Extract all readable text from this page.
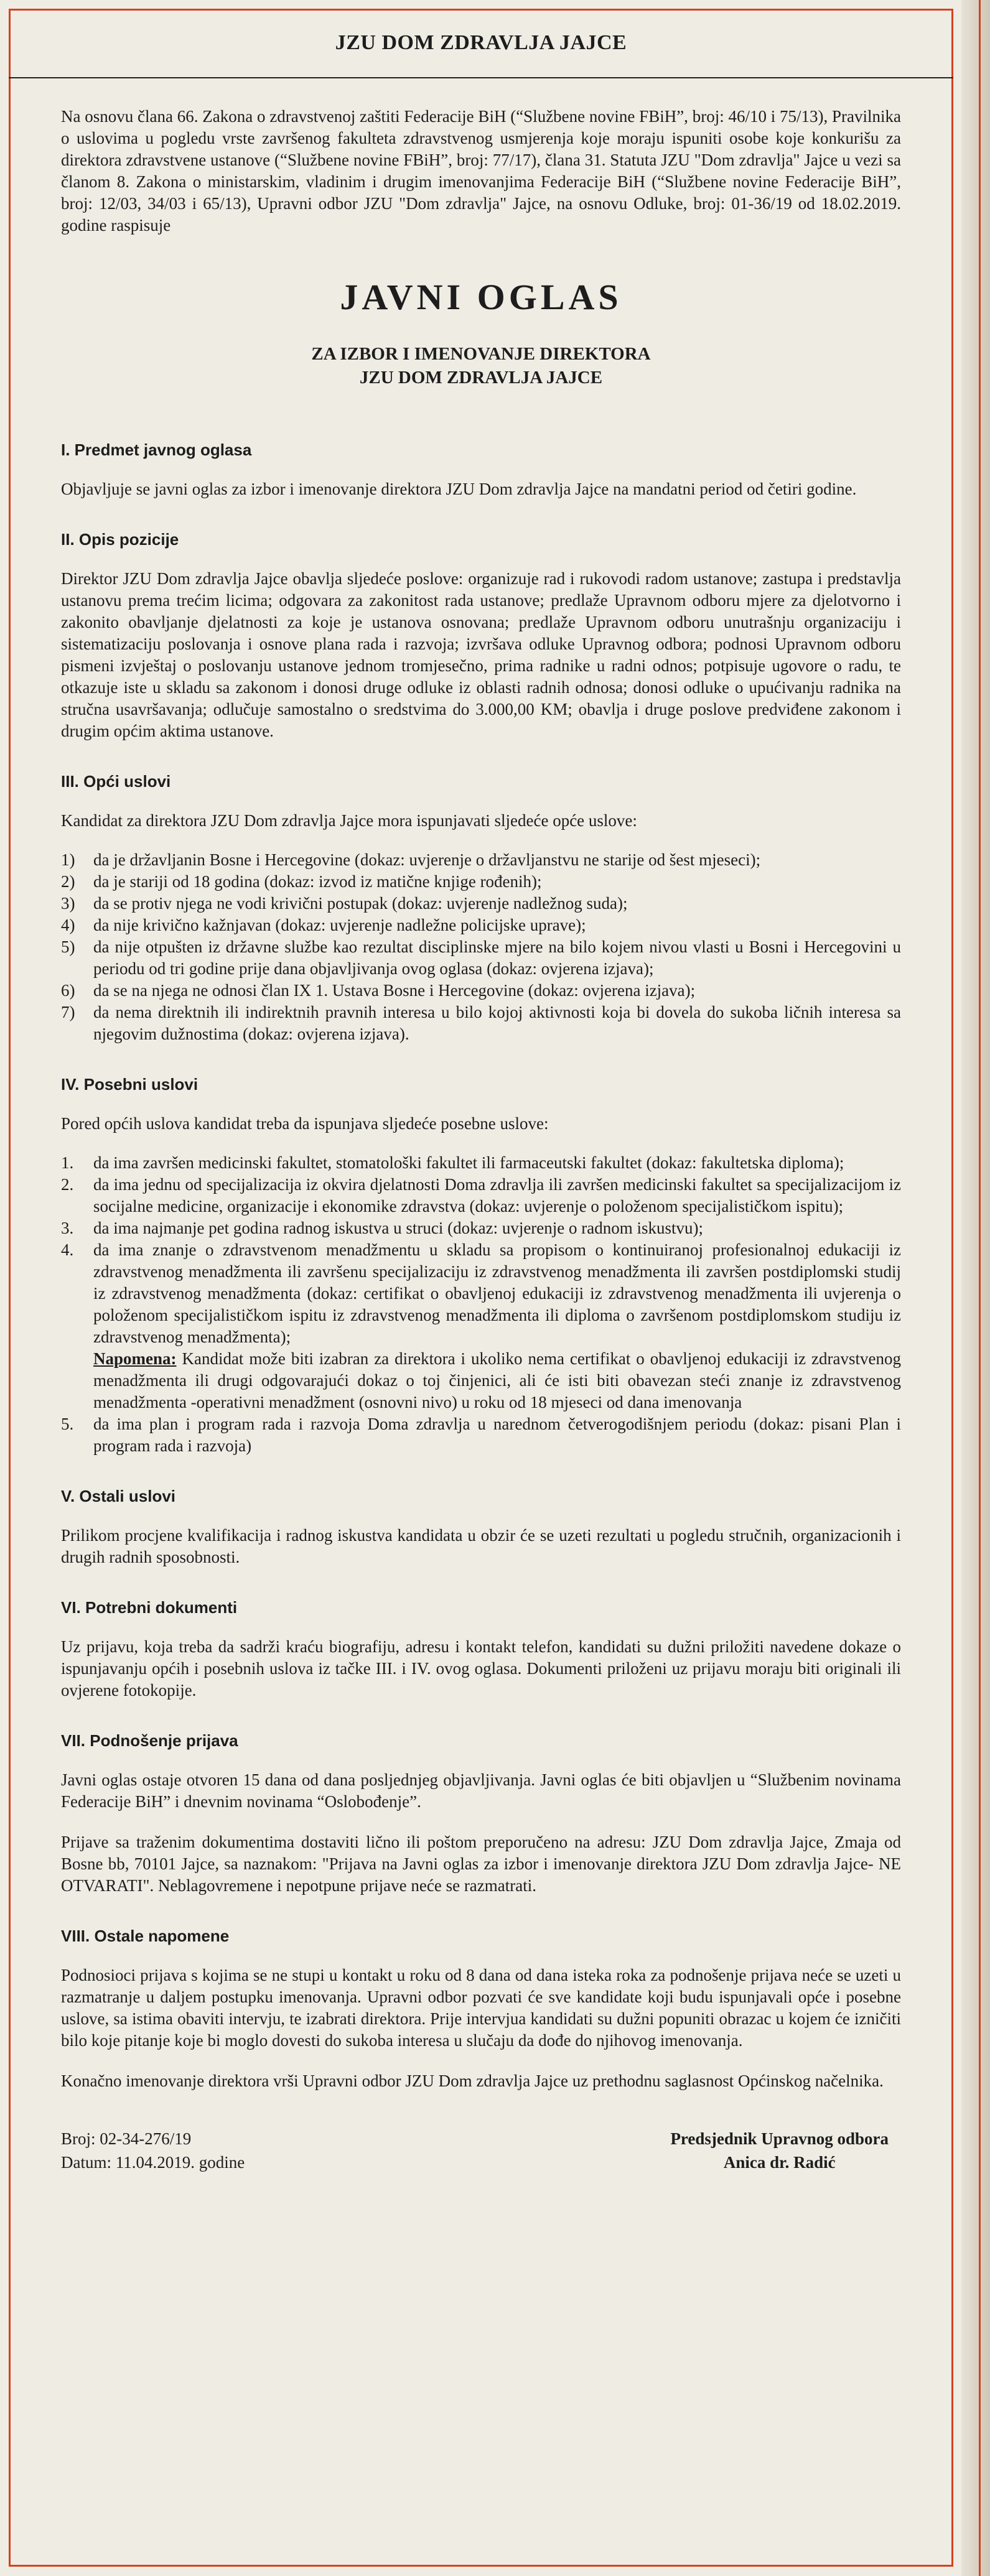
JZU DOM ZDRAVLJA JAJCE

Na osnovu člana 66. Zakona o zdravstvenoj zaštiti Federacije BiH (“Službene novine FBiH”, broj: 46/10 i 75/13), Pravilnika o uslovima u pogledu vrste završenog fakulteta zdravstvenog usmjerenja koje moraju ispuniti osobe koje konkurišu za direktora zdravstvene ustanove (“Službene novine FBiH”, broj: 77/17), člana 31. Statuta JZU "Dom zdravlja" Jajce u vezi sa članom 8. Zakona o ministarskim, vladinim i drugim imenovanjima Federacije BiH (“Službene novine Federacije BiH”, broj: 12/03, 34/03 i 65/13), Upravni odbor JZU "Dom zdravlja" Jajce, na osnovu Odluke, broj: 01-36/19 od 18.02.2019. godine raspisuje

JAVNI OGLAS
ZA IZBOR I IMENOVANJE DIREKTORA
JZU DOM ZDRAVLJA JAJCE
I. Predmet javnog oglasa

Objavljuje se javni oglas za izbor i imenovanje direktora JZU Dom zdravlja Jajce na mandatni period od četiri godine.

II. Opis pozicije

Direktor JZU Dom zdravlja Jajce obavlja sljedeće poslove: organizuje rad i rukovodi radom ustanove; zastupa i predstavlja ustanovu prema trećim licima; odgovara za zakonitost rada ustanove; predlaže Upravnom odboru mjere za djelotvorno i zakonito obavljanje djelatnosti za koje je ustanova osnovana; predlaže Upravnom odboru unutrašnju organizaciju i sistematizaciju poslovanja i osnove plana rada i razvoja; izvršava odluke Upravnog odbora; podnosi Upravnom odboru pismeni izvještaj o poslovanju ustanove jednom tromjesečno, prima radnike u radni odnos; potpisuje ugovore o radu, te otkazuje iste u skladu sa zakonom i donosi druge odluke iz oblasti radnih odnosa; donosi odluke o upućivanju radnika na stručna usavršavanja; odlučuje samostalno o sredstvima do 3.000,00 KM; obavlja i druge poslove predviđene zakonom i drugim općim aktima ustanove.

III. Opći uslovi

Kandidat za direktora JZU Dom zdravlja Jajce mora ispunjavati sljedeće opće uslove:

1)	da je državljanin Bosne i Hercegovine (dokaz: uvjerenje o državljanstvu ne starije od šest mjeseci);
2)	da je stariji od 18 godina (dokaz: izvod iz matične knjige rođenih);
3)	da se protiv njega ne vodi krivični postupak (dokaz: uvjerenje nadležnog suda);
4)	da nije krivično kažnjavan (dokaz: uvjerenje nadležne policijske uprave);
5)	da nije otpušten iz državne službe kao rezultat disciplinske mjere na bilo kojem nivou vlasti u Bosni i Hercegovini u periodu od tri godine prije dana objavljivanja ovog oglasa (dokaz: ovjerena izjava);
6)	da se na njega ne odnosi član IX 1. Ustava Bosne i Hercegovine (dokaz: ovjerena izjava);
7)	da nema direktnih ili indirektnih pravnih interesa u bilo kojoj aktivnosti koja bi dovela do sukoba ličnih interesa sa njegovim dužnostima (dokaz: ovjerena izjava).
IV. Posebni uslovi

Pored općih uslova kandidat treba da ispunjava sljedeće posebne uslove:

1.	da ima završen medicinski fakultet, stomatološki fakultet ili farmaceutski fakultet (dokaz: fakultetska diploma);
2.	da ima jednu od specijalizacija iz okvira djelatnosti Doma zdravlja ili završen medicinski fakultet sa specijalizacijom iz socijalne medicine, organizacije i ekonomike zdravstva (dokaz: uvjerenje o položenom specijalističkom ispitu);
3.	da ima najmanje pet godina radnog iskustva u struci (dokaz: uvjerenje o radnom iskustvu);
4.	da ima znanje o zdravstvenom menadžmentu u skladu sa propisom o kontinuiranoj profesionalnoj edukaciji iz zdravstvenog menadžmenta ili završenu specijalizaciju iz zdravstvenog menadžmenta ili završen postdiplomski studij iz zdravstvenog menadžmenta (dokaz: certifikat o obavljenoj edukaciji iz zdravstvenog menadžmenta ili uvjerenja o položenom specijalističkom ispitu iz zdravstvenog menadžmenta ili diploma o završenom postdiplomskom studiju iz zdravstvenog menadžmenta);
Napomena: Kandidat može biti izabran za direktora i ukoliko nema certifikat o obavljenoj edukaciji iz zdravstvenog menadžmenta ili drugi odgovarajući dokaz o toj činjenici, ali će isti biti obavezan steći znanje iz zdravstvenog menadžmenta -operativni menadžment (osnovni nivo) u roku od 18 mjeseci od dana imenovanja
5.	da ima plan i program rada i razvoja Doma zdravlja u narednom četverogodišnjem periodu (dokaz: pisani Plan i program rada i razvoja)
V. Ostali uslovi

Prilikom procjene kvalifikacija i radnog iskustva kandidata u obzir će se uzeti rezultati u pogledu stručnih, organizacionih i drugih radnih sposobnosti.

VI. Potrebni dokumenti

Uz prijavu, koja treba da sadrži kraću biografiju, adresu i kontakt telefon, kandidati su dužni priložiti navedene dokaze o ispunjavanju općih i posebnih uslova iz tačke III. i IV. ovog oglasa. Dokumenti priloženi uz prijavu moraju biti originali ili ovjerene fotokopije.

VII. Podnošenje prijava

Javni oglas ostaje otvoren 15 dana od dana posljednjeg objavljivanja. Javni oglas će biti objavljen u “Službenim novinama Federacije BiH” i dnevnim novinama “Oslobođenje”.

Prijave sa traženim dokumentima dostaviti lično ili poštom preporučeno na adresu: JZU Dom zdravlja Jajce, Zmaja od Bosne bb, 70101 Jajce, sa naznakom: "Prijava na Javni oglas za izbor i imenovanje direktora JZU Dom zdravlja Jajce- NE OTVARATI". Neblagovremene i nepotpune prijave neće se razmatrati.

VIII. Ostale napomene

Podnosioci prijava s kojima se ne stupi u kontakt u roku od 8 dana od dana isteka roka za podnošenje prijava neće se uzeti u razmatranje u daljem postupku imenovanja. Upravni odbor pozvati će sve kandidate koji budu ispunjavali opće i posebne uslove, sa istima obaviti intervju, te izabrati direktora. Prije intervjua kandidati su dužni popuniti obrazac u kojem će izničiti bilo koje pitanje koje bi moglo dovesti do sukoba interesa u slučaju da dođe do njihovog imenovanja.

Konačno imenovanje direktora vrši Upravni odbor JZU Dom zdravlja Jajce uz prethodnu saglasnost Općinskog načelnika.

Broj: 02-34-276/19
Datum: 11.04.2019. godine
Predsjednik Upravnog odbora
Anica dr. Radić
